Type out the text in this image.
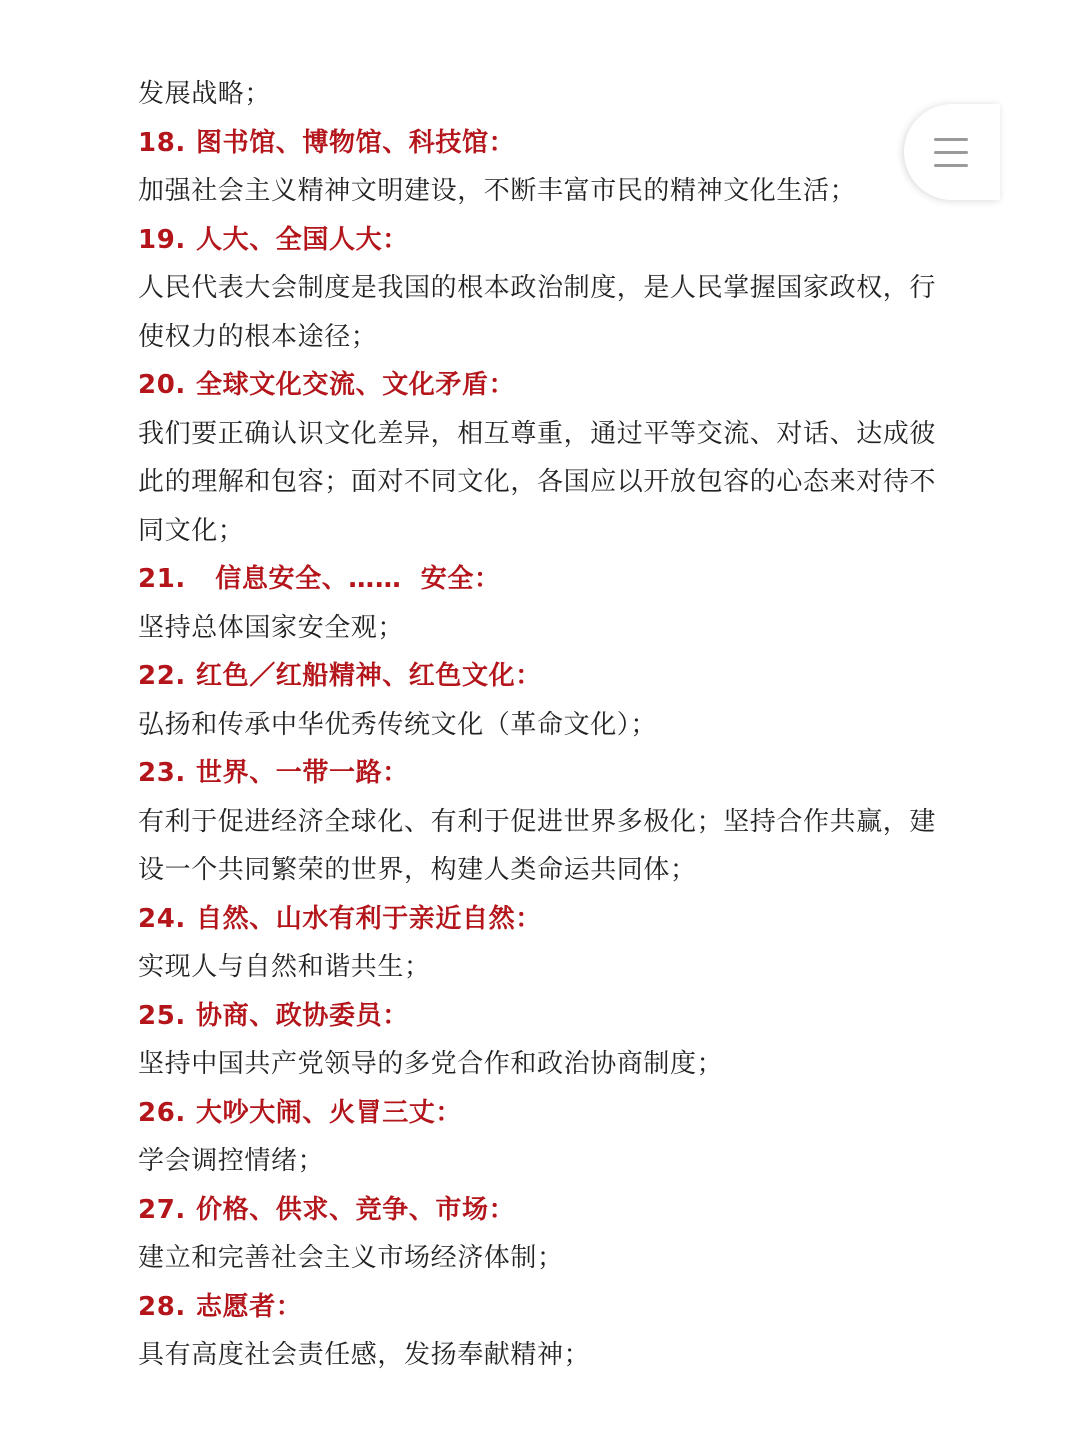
发展战略；
18. 图书馆、博物馆、科技馆：
加强社会主义精神文明建设，不断丰富市民的精神文化生活；
19. 人大、全国人大：
人民代表大会制度是我国的根本政治制度，是人民掌握国家政权，行
使权力的根本途径；
20. 全球文化交流、文化矛盾：
我们要正确认识文化差异，相互尊重，通过平等交流、对话、达成彼
此的理解和包容；面对不同文化，各国应以开放包容的心态来对待不
同文化；
21.  信息安全、……  安全：
坚持总体国家安全观；
22. 红色／红船精神、红色文化：
弘扬和传承中华优秀传统文化（革命文化）；
23. 世界、一带一路：
有利于促进经济全球化、有利于促进世界多极化；坚持合作共赢，建
设一个共同繁荣的世界，构建人类命运共同体；
24. 自然、山水有利于亲近自然：
实现人与自然和谐共生；
25. 协商、政协委员：
坚持中国共产党领导的多党合作和政治协商制度；
26. 大吵大闹、火冒三丈：
学会调控情绪；
27. 价格、供求、竞争、市场：
建立和完善社会主义市场经济体制；
28. 志愿者：
具有高度社会责任感，发扬奉献精神；
